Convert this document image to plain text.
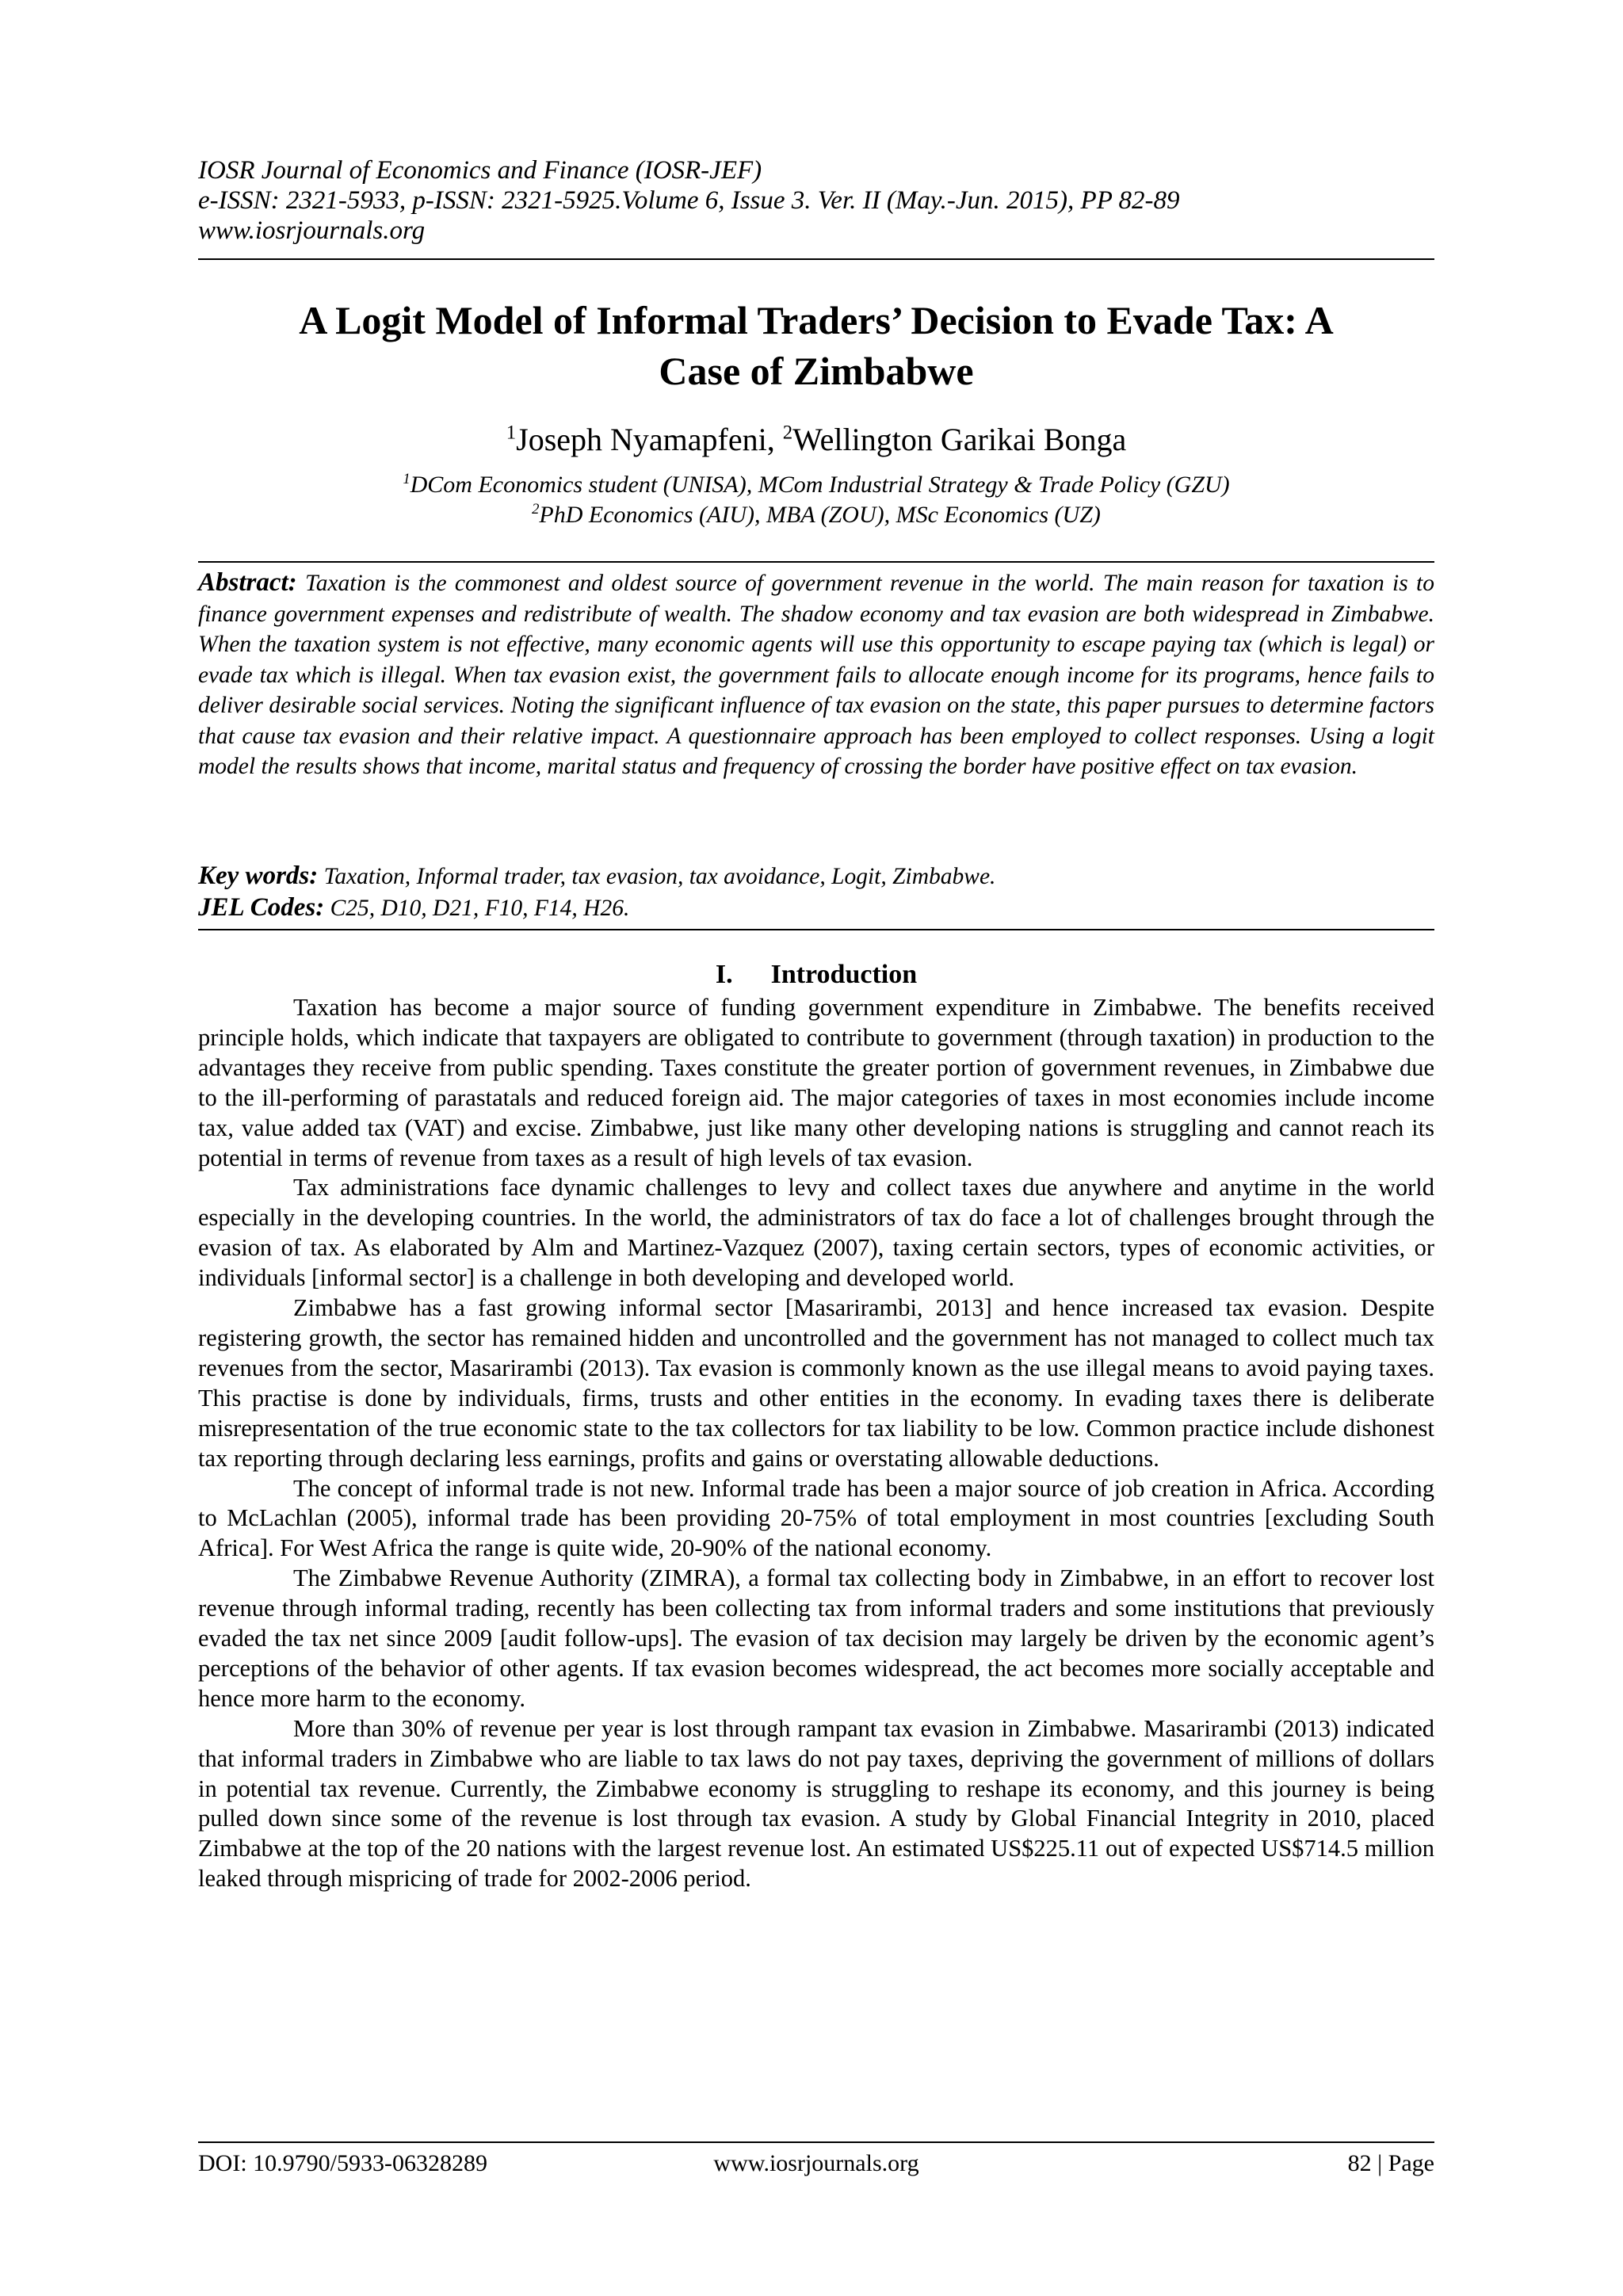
IOSR Journal of Economics and Finance (IOSR-JEF)
e-ISSN: 2321-5933, p-ISSN: 2321-5925.Volume 6, Issue 3. Ver. II (May.-Jun. 2015), PP 82-89
www.iosrjournals.org
A Logit Model of Informal Traders’ Decision to Evade Tax: A
Case of Zimbabwe
$^1$Joseph Nyamapfeni, $^2$Wellington Garikai Bonga
$^1$DCom Economics student (UNISA), MCom Industrial Strategy & Trade Policy (GZU)
$^2$PhD Economics (AIU), MBA (ZOU), MSc Economics (UZ)
Abstract: Taxation is the commonest and oldest source of government revenue in the world. The main reason for taxation is to finance government expenses and redistribute of wealth. The shadow economy and tax evasion are both widespread in Zimbabwe. When the taxation system is not effective, many economic agents will use this opportunity to escape paying tax (which is legal) or evade tax which is illegal. When tax evasion exist, the government fails to allocate enough income for its programs, hence fails to deliver desirable social services. Noting the significant influence of tax evasion on the state, this paper pursues to determine factors that cause tax evasion and their relative impact. A questionnaire approach has been employed to collect responses. Using a logit model the results shows that income, marital status and frequency of crossing the border have positive effect on tax evasion.
Key words: Taxation, Informal trader, tax evasion, tax avoidance, Logit, Zimbabwe.
JEL Codes: C25, D10, D21, F10, F14, H26.
I. Introduction

Taxation has become a major source of funding government expenditure in Zimbabwe. The benefits received principle holds, which indicate that taxpayers are obligated to contribute to government (through taxation) in production to the advantages they receive from public spending. Taxes constitute the greater portion of government revenues, in Zimbabwe due to the ill-performing of parastatals and reduced foreign aid. The major categories of taxes in most economies include income tax, value added tax (VAT) and excise. Zimbabwe, just like many other developing nations is struggling and cannot reach its potential in terms of revenue from taxes as a result of high levels of tax evasion.

Tax administrations face dynamic challenges to levy and collect taxes due anywhere and anytime in the world especially in the developing countries. In the world, the administrators of tax do face a lot of challenges brought through the evasion of tax. As elaborated by Alm and Martinez-Vazquez (2007), taxing certain sectors, types of economic activities, or individuals [informal sector] is a challenge in both developing and developed world.

Zimbabwe has a fast growing informal sector [Masarirambi, 2013] and hence increased tax evasion. Despite registering growth, the sector has remained hidden and uncontrolled and the government has not managed to collect much tax revenues from the sector, Masarirambi (2013). Tax evasion is commonly known as the use illegal means to avoid paying taxes. This practise is done by individuals, firms, trusts and other entities in the economy. In evading taxes there is deliberate misrepresentation of the true economic state to the tax collectors for tax liability to be low. Common practice include dishonest tax reporting through declaring less earnings, profits and gains or overstating allowable deductions.

The concept of informal trade is not new. Informal trade has been a major source of job creation in Africa. According to McLachlan (2005), informal trade has been providing 20-75% of total employment in most countries [excluding South Africa]. For West Africa the range is quite wide, 20-90% of the national economy.

The Zimbabwe Revenue Authority (ZIMRA), a formal tax collecting body in Zimbabwe, in an effort to recover lost revenue through informal trading, recently has been collecting tax from informal traders and some institutions that previously evaded the tax net since 2009 [audit follow-ups]. The evasion of tax decision may largely be driven by the economic agent’s perceptions of the behavior of other agents. If tax evasion becomes widespread, the act becomes more socially acceptable and hence more harm to the economy.

More than 30% of revenue per year is lost through rampant tax evasion in Zimbabwe. Masarirambi (2013) indicated that informal traders in Zimbabwe who are liable to tax laws do not pay taxes, depriving the government of millions of dollars in potential tax revenue. Currently, the Zimbabwe economy is struggling to reshape its economy, and this journey is being pulled down since some of the revenue is lost through tax evasion. A study by Global Financial Integrity in 2010, placed Zimbabwe at the top of the 20 nations with the largest revenue lost. An estimated US$225.11 out of expected US$714.5 million leaked through mispricing of trade for 2002-2006 period.

DOI: 10.9790/5933-06328289	www.iosrjournals.org	82 | Page
